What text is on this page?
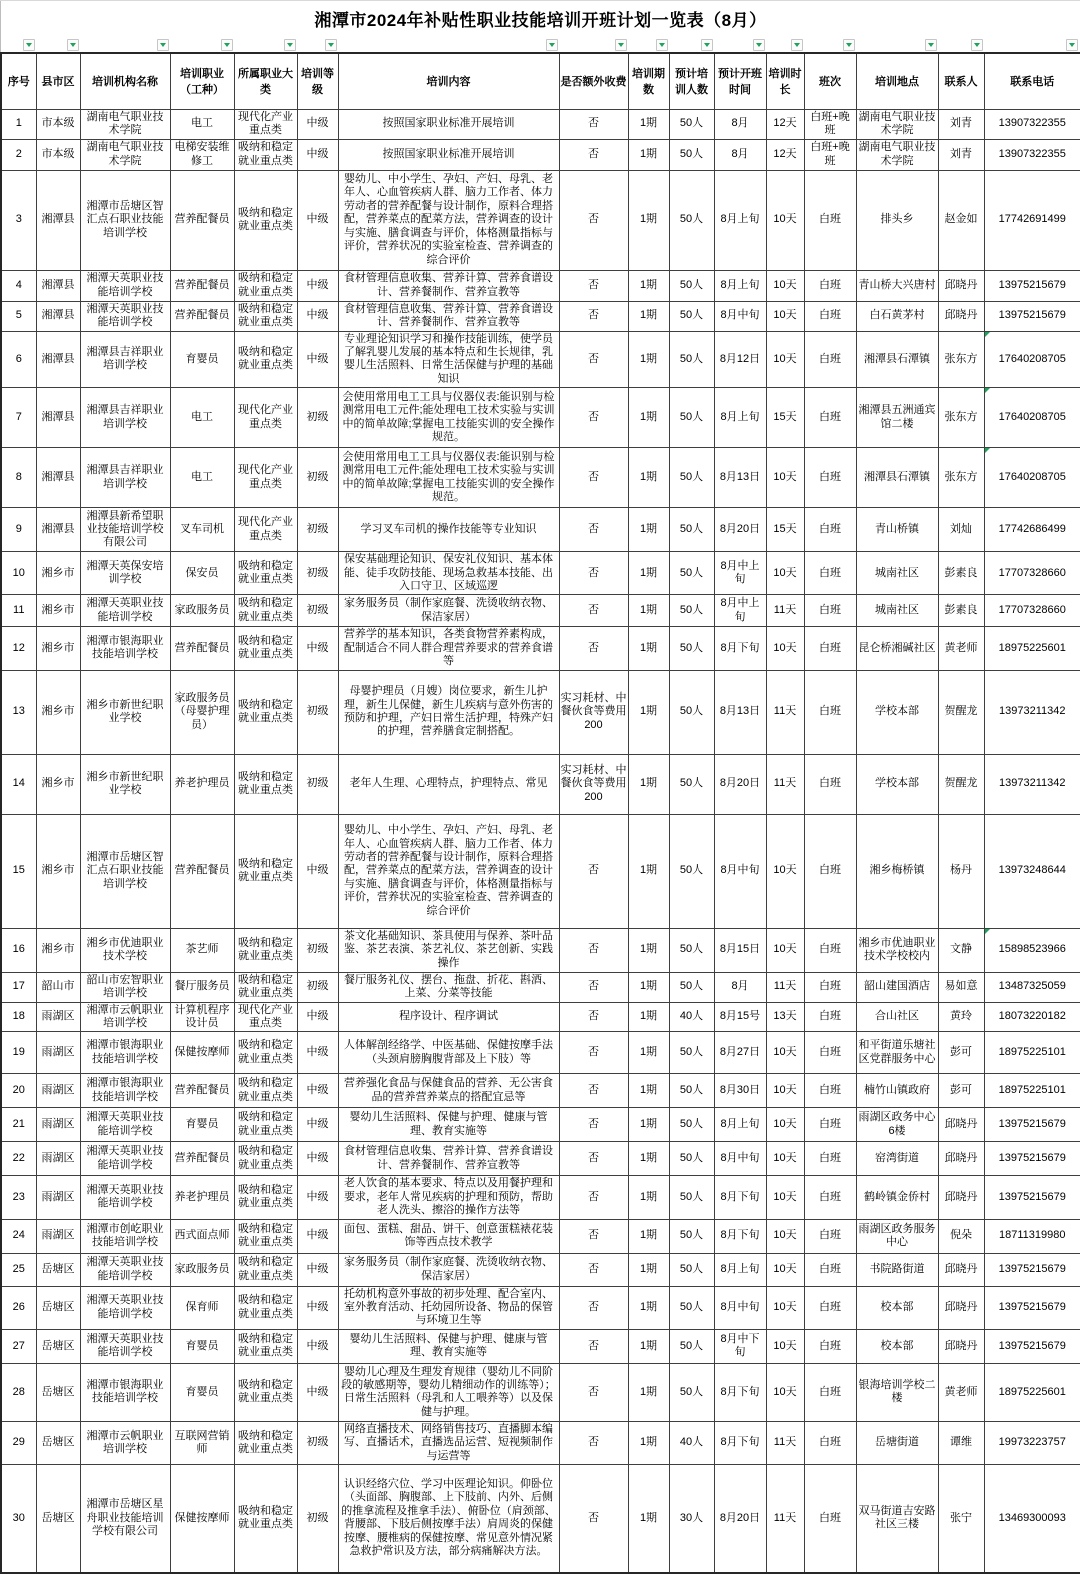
湘潭市2024年补贴性职业技能培训开班计划一览表（8月）
序号	县市区	培训机构名称	培训职业（工种）	所属职业大类	培训等级	培训内容	是否额外收费	培训期数	预计培训人数	预计开班时间	培训时长	班次	培训地点	联系人	联系电话
1	市本级	湖南电气职业技术学院	电工	现代化产业重点类	中级	按照国家职业标准开展培训	否	1期	50人	8月	12天	白班+晚班	湖南电气职业技术学院	刘青	13907322355
2	市本级	湖南电气职业技术学院	电梯安装维修工	吸纳和稳定就业重点类	中级	按照国家职业标准开展培训	否	1期	50人	8月	12天	白班+晚班	湖南电气职业技术学院	刘青	13907322355
3	湘潭县	湘潭市岳塘区智汇点石职业技能培训学校	营养配餐员	吸纳和稳定就业重点类	中级	婴幼儿、中小学生、孕妇、产妇、母乳、老年人、心血管疾病人群、脑力工作者、体力劳动者的营养配餐与设计制作，原料合理搭配，营养菜点的配菜方法，营养调查的设计与实施、膳食调查与评价，体格测量指标与评价，营养状况的实验室检查、营养调查的综合评价	否	1期	50人	8月上旬	10天	白班	排头乡	赵金如	17742691499
4	湘潭县	湘潭天英职业技能培训学校	营养配餐员	吸纳和稳定就业重点类	中级	食材管理信息收集、营养计算、营养食谱设计、营养餐制作、营养宣教等	否	1期	50人	8月上旬	10天	白班	青山桥大兴唐村	邱晓丹	13975215679
5	湘潭县	湘潭天英职业技能培训学校	营养配餐员	吸纳和稳定就业重点类	中级	食材管理信息收集、营养计算、营养食谱设计、营养餐制作、营养宣教等	否	1期	50人	8月中旬	10天	白班	白石黄茅村	邱晓丹	13975215679
6	湘潭县	湘潭县吉祥职业培训学校	育婴员	吸纳和稳定就业重点类	中级	专业理论知识学习和操作技能训练，使学员了解乳婴儿发展的基本特点和生长规律，乳婴儿生活照料、日常生活保健与护理的基础知识	否	1期	50人	8月12日	10天	白班	湘潭县石潭镇	张东方	17640208705
7	湘潭县	湘潭县吉祥职业培训学校	电工	现代化产业重点类	初级	会使用常用电工工具与仪器仪表:能识别与检测常用电工元件;能处理电工技术实验与实训中的简单故障;掌握电工技能实训的安全操作规范。	否	1期	50人	8月上旬	15天	白班	湘潭县五洲通宾馆二楼	张东方	17640208705
8	湘潭县	湘潭县吉祥职业培训学校	电工	现代化产业重点类	初级	会使用常用电工工具与仪器仪表:能识别与检测常用电工元件;能处理电工技术实验与实训中的简单故障;掌握电工技能实训的安全操作规范。	否	1期	50人	8月13日	10天	白班	湘潭县石潭镇	张东方	17640208705
9	湘潭县	湘潭县新希望职业技能培训学校有限公司	叉车司机	现代化产业重点类	初级	学习叉车司机的操作技能等专业知识	否	1期	50人	8月20日	15天	白班	青山桥镇	刘灿	17742686499
10	湘乡市	湘潭天英保安培训学校	保安员	吸纳和稳定就业重点类	初级	保安基础理论知识、保安礼仪知识、基本体能、徒手攻防技能、现场急救基本技能、出入口守卫、区域巡逻	否	1期	50人	8月中上旬	10天	白班	城南社区	彭素良	17707328660
11	湘乡市	湘潭天英职业技能培训学校	家政服务员	吸纳和稳定就业重点类	初级	家务服务员（制作家庭餐、洗烫收纳衣物、保洁家居）	否	1期	50人	8月中上旬	11天	白班	城南社区	彭素良	17707328660
12	湘乡市	湘潭市银海职业技能培训学校	营养配餐员	吸纳和稳定就业重点类	中级	营养学的基本知识，各类食物营养素构成，配制适合不同人群合理营养要求的营养食谱等	否	1期	50人	8月下旬	10天	白班	昆仑桥湘碱社区	黄老师	18975225601
13	湘乡市	湘乡市新世纪职业学校	家政服务员（母婴护理员）	吸纳和稳定就业重点类	初级	母婴护理员（月嫂）岗位要求，新生儿护理，新生儿保健，新生儿疾病与意外伤害的预防和护理，产妇日常生活护理，特殊产妇的护理，营养膳食定制搭配。	实习耗材、中餐伙食等费用200	1期	50人	8月13日	11天	白班	学校本部	贺醒龙	13973211342
14	湘乡市	湘乡市新世纪职业学校	养老护理员	吸纳和稳定就业重点类	初级	老年人生理、心理特点，护理特点、常见	实习耗材、中餐伙食等费用200	1期	50人	8月20日	11天	白班	学校本部	贺醒龙	13973211342
15	湘乡市	湘潭市岳塘区智汇点石职业技能培训学校	营养配餐员	吸纳和稳定就业重点类	中级	婴幼儿、中小学生、孕妇、产妇、母乳、老年人、心血管疾病人群、脑力工作者、体力劳动者的营养配餐与设计制作，原料合理搭配，营养菜点的配菜方法，营养调查的设计与实施、膳食调查与评价，体格测量指标与评价，营养状况的实验室检查、营养调查的综合评价	否	1期	50人	8月中旬	10天	白班	湘乡梅桥镇	杨丹	13973248644
16	湘乡市	湘乡市优迪职业技术学校	茶艺师	吸纳和稳定就业重点类	初级	茶文化基础知识、茶具使用与保养、茶叶品鉴、茶艺表演、茶艺礼仪、茶艺创新、实践操作	否	1期	50人	8月15日	10天	白班	湘乡市优迪职业技术学校校内	文静	15898523966
17	韶山市	韶山市宏智职业培训学校	餐厅服务员	吸纳和稳定就业重点类	初级	餐厅服务礼仪、摆台、拖盘、折花、斟酒、上菜、分菜等技能	否	1期	50人	8月	11天	白班	韶山建国酒店	易如意	13487325059
18	雨湖区	湘潭市云帆职业培训学校	计算机程序设计员	现代化产业重点类	中级	程序设计、程序调试	否	1期	40人	8月15号	13天	白班	合山社区	黄玲	18073220182
19	雨湖区	湘潭市银海职业技能培训学校	保健按摩师	吸纳和稳定就业重点类	中级	人体解剖经络学、中医基础、保健按摩手法（头颈肩膀胸腹背部及上下肢）等	否	1期	50人	8月27日	10天	白班	和平街道乐塘社区党群服务中心	彭可	18975225101
20	雨湖区	湘潭市银海职业技能培训学校	营养配餐员	吸纳和稳定就业重点类	中级	营养强化食品与保健食品的营养、无公害食品的营养营养菜点的搭配宜忌等	否	1期	50人	8月30日	10天	白班	楠竹山镇政府	彭可	18975225101
21	雨湖区	湘潭天英职业技能培训学校	育婴员	吸纳和稳定就业重点类	中级	婴幼儿生活照料、保健与护理、健康与管理、教育实施等	否	1期	50人	8月上旬	10天	白班	雨湖区政务中心6楼	邱晓丹	13975215679
22	雨湖区	湘潭天英职业技能培训学校	营养配餐员	吸纳和稳定就业重点类	中级	食材管理信息收集、营养计算、营养食谱设计、营养餐制作、营养宣教等	否	1期	50人	8月中旬	10天	白班	窑湾街道	邱晓丹	13975215679
23	雨湖区	湘潭天英职业技能培训学校	养老护理员	吸纳和稳定就业重点类	中级	老人饮食的基本要求、特点以及用餐护理和要求，老年人常见疾病的护理和预防，帮助老人洗头、擦浴的操作方法等	否	1期	50人	8月下旬	10天	白班	鹤岭镇金侨村	邱晓丹	13975215679
24	雨湖区	湘潭市创屹职业技能培训学校	西式面点师	吸纳和稳定就业重点类	中级	面包、蛋糕、甜品、饼干、创意蛋糕裱花装饰等西点技术教学	否	1期	50人	8月下旬	10天	白班	雨湖区政务服务中心	倪朵	18711319980
25	岳塘区	湘潭天英职业技能培训学校	家政服务员	吸纳和稳定就业重点类	中级	家务服务员（制作家庭餐、洗烫收纳衣物、保洁家居）	否	1期	50人	8月上旬	10天	白班	书院路街道	邱晓丹	13975215679
26	岳塘区	湘潭天英职业技能培训学校	保育师	吸纳和稳定就业重点类	中级	托幼机构意外事故的初步处理、配合室内、室外教育活动、托幼园所设备、物品的保管与环境卫生等	否	1期	50人	8月中旬	10天	白班	校本部	邱晓丹	13975215679
27	岳塘区	湘潭天英职业技能培训学校	育婴员	吸纳和稳定就业重点类	中级	婴幼儿生活照料、保健与护理、健康与管理、教育实施等	否	1期	50人	8月中下旬	10天	白班	校本部	邱晓丹	13975215679
28	岳塘区	湘潭市银海职业技能培训学校	育婴员	吸纳和稳定就业重点类	中级	婴幼儿心理及生理发育规律（婴幼儿不同阶段的敏感期等，婴幼儿精细动作的训练等）；日常生活照料（母乳和人工喂养等）以及保健与护理。	否	1期	50人	8月下旬	10天	白班	银海培训学校二楼	黄老师	18975225601
29	岳塘区	湘潭市云帆职业培训学校	互联网营销师	吸纳和稳定就业重点类	初级	网络直播技术、网络销售技巧、直播脚本编写、直播话术，直播选品运营、短视频制作与运营等	否	1期	40人	8月下旬	11天	白班	岳塘街道	谭维	19973223757
30	岳塘区	湘潭市岳塘区星舟职业技能培训学校有限公司	保健按摩师	吸纳和稳定就业重点类	初级	认识经络穴位、学习中医理论知识。仰卧位（头面部、胸腹部、上下肢前、内外、后侧的推拿流程及推拿手法）、俯卧位（肩颈部、背腰部、下肢后侧按摩手法）肩周炎的保健按摩、腰椎病的保健按摩、常见意外情况紧急救护常识及方法，部分病痛解决方法。	否	1期	30人	8月20日	11天	白班	双马街道吉安路社区三楼	张宁	13469300093
